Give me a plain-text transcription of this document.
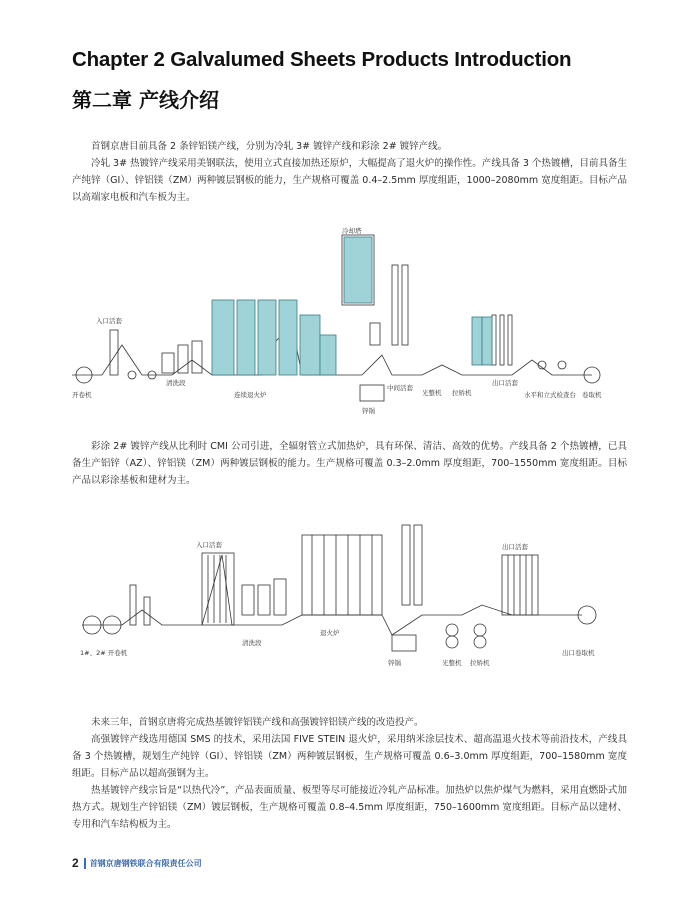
Chapter 2 Galvalumed Sheets Products Introduction
第二章 产线介绍

首钢京唐目前具备 2 条锌铝镁产线，分别为冷轧 3# 镀锌产线和彩涂 2# 镀锌产线。

冷轧 3# 热镀锌产线采用美钢联法，使用立式直接加热还原炉，大幅提高了退火炉的操作性。产线具备 3 个热镀槽，目前具备生产纯锌（GI）、锌铝镁（ZM）两种镀层钢板的能力，生产规格可覆盖 0.4–2.5mm 厚度组距，1000–2080mm 宽度组距。目标产品以高端家电板和汽车板为主。

开卷机
入口活套
清洗段
连续退火炉
锌锅
冷却塔
中间活套
光整机 拉矫机
出口活套
卷取机
水平和立式检查台

彩涂 2# 镀锌产线从比利时 CMI 公司引进，全辐射管立式加热炉，具有环保、清洁、高效的优势。产线具备 2 个热镀槽，已具备生产铝锌（AZ）、锌铝镁（ZM）两种镀层钢板的能力。生产规格可覆盖 0.3–2.0mm 厚度组距，700–1550mm 宽度组距。目标产品以彩涂基板和建材为主。

1#、2# 开卷机
入口活套
清洗段
退火炉
锌锅	光整机 拉矫机
出口活套
出口卷取机

未来三年，首钢京唐将完成热基镀锌铝镁产线和高强镀锌铝镁产线的改造投产。

高强镀锌产线选用德国 SMS 的技术，采用法国 FIVE STEIN 退火炉，采用纳米涂层技术、超高温退火技术等前沿技术，产线具备 3 个热镀槽，规划生产纯锌（GI）、锌铝镁（ZM）两种镀层钢板，生产规格可覆盖 0.6–3.0mm 厚度组距，700–1580mm 宽度组距。目标产品以超高强钢为主。

热基镀锌产线宗旨是“以热代冷”，产品表面质量、板型等尽可能接近冷轧产品标准。加热炉以焦炉煤气为燃料，采用直燃卧式加热方式。规划生产锌铝镁（ZM）镀层钢板，生产规格可覆盖 0.8–4.5mm 厚度组距，750–1600mm 宽度组距。目标产品以建材、专用和汽车结构板为主。

2 首钢京唐钢铁联合有限责任公司
